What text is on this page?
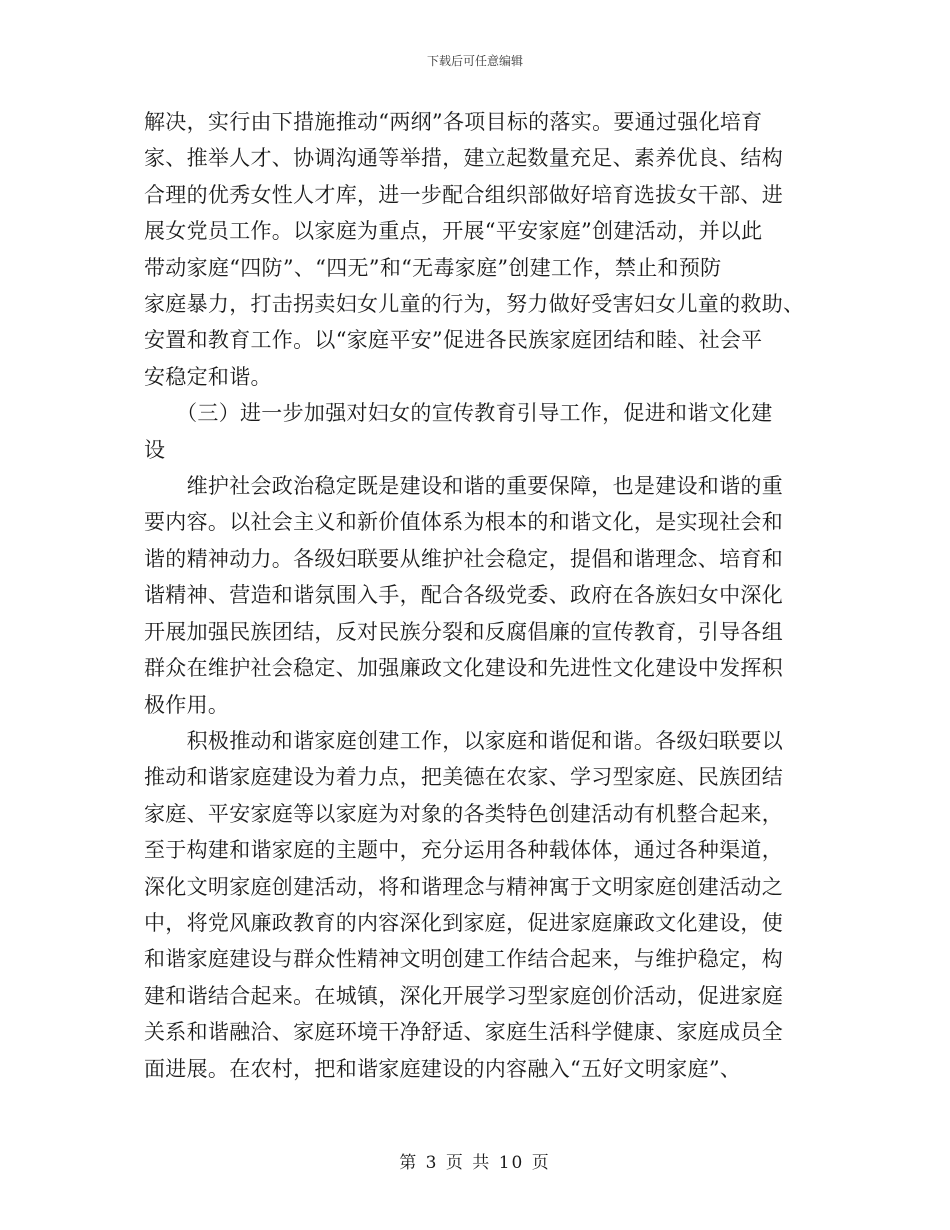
下载后可任意编辑
解决，实行由下措施推动“两纲”各项目标的落实。要通过强化培育
家、推举人才、协调沟通等举措，建立起数量充足、素养优良、结构
合理的优秀女性人才库，进一步配合组织部做好培育选拔女干部、进
展女党员工作。以家庭为重点，开展“平安家庭”创建活动，并以此
带动家庭“四防”、“四无”和“无毒家庭”创建工作，禁止和预防
家庭暴力，打击拐卖妇女儿童的行为，努力做好受害妇女儿童的救助、
安置和教育工作。以“家庭平安”促进各民族家庭团结和睦、社会平
安稳定和谐。
　　（三）进一步加强对妇女的宣传教育引导工作，促进和谐文化建
设
　　维护社会政治稳定既是建设和谐的重要保障，也是建设和谐的重
要内容。以社会主义和新价值体系为根本的和谐文化，是实现社会和
谐的精神动力。各级妇联要从维护社会稳定，提倡和谐理念、培育和
谐精神、营造和谐氛围入手，配合各级党委、政府在各族妇女中深化
开展加强民族团结，反对民族分裂和反腐倡廉的宣传教育，引导各组
群众在维护社会稳定、加强廉政文化建设和先进性文化建设中发挥积
极作用。
　　积极推动和谐家庭创建工作，以家庭和谐促和谐。各级妇联要以
推动和谐家庭建设为着力点，把美德在农家、学习型家庭、民族团结
家庭、平安家庭等以家庭为对象的各类特色创建活动有机整合起来，
至于构建和谐家庭的主题中，充分运用各种载体体，通过各种渠道，
深化文明家庭创建活动，将和谐理念与精神寓于文明家庭创建活动之
中，将党风廉政教育的内容深化到家庭，促进家庭廉政文化建设，使
和谐家庭建设与群众性精神文明创建工作结合起来，与维护稳定，构
建和谐结合起来。在城镇，深化开展学习型家庭创价活动，促进家庭
关系和谐融洽、家庭环境干净舒适、家庭生活科学健康、家庭成员全
面进展。在农村，把和谐家庭建设的内容融入“五好文明家庭”、
第 3 页 共 10 页
